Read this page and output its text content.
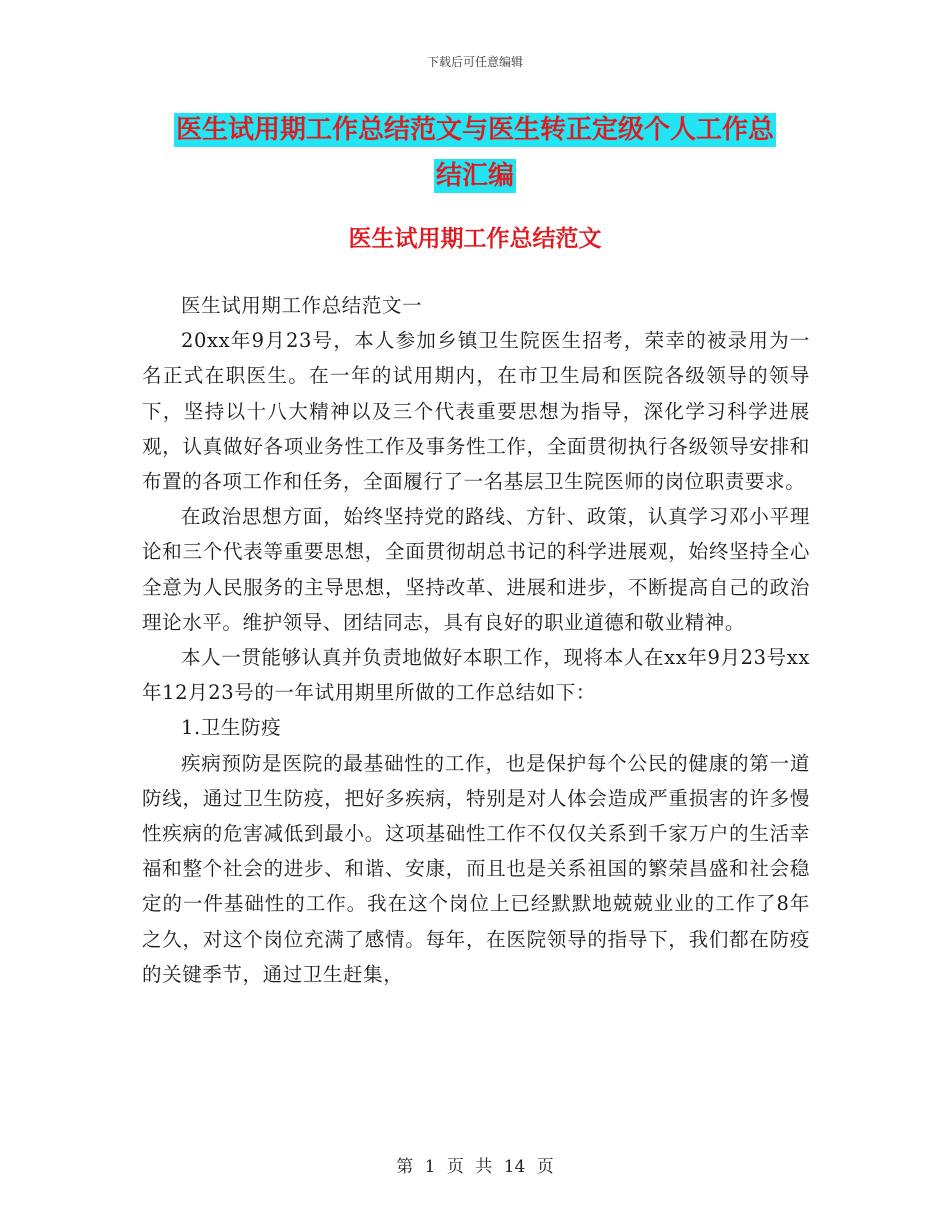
下载后可任意编辑
医生试用期工作总结范文与医生转正定级个人工作总
结汇编
医生试用期工作总结范文

医生试用期工作总结范文一

20xx年9月23号，本人参加乡镇卫生院医生招考，荣幸的被录用为一名正式在职医生。在一年的试用期内，在市卫生局和医院各级领导的领导下，坚持以十八大精神以及三个代表重要思想为指导，深化学习科学进展观，认真做好各项业务性工作及事务性工作，全面贯彻执行各级领导安排和布置的各项工作和任务，全面履行了一名基层卫生院医师的岗位职责要求。

在政治思想方面，始终坚持党的路线、方针、政策，认真学习邓小平理论和三个代表等重要思想，全面贯彻胡总书记的科学进展观，始终坚持全心全意为人民服务的主导思想，坚持改革、进展和进步，不断提高自己的政治理论水平。维护领导、团结同志，具有良好的职业道德和敬业精神。

本人一贯能够认真并负责地做好本职工作，现将本人在xx年9月23号xx年12月23号的一年试用期里所做的工作总结如下：

1.卫生防疫

疾病预防是医院的最基础性的工作，也是保护每个公民的健康的第一道防线，通过卫生防疫，把好多疾病，特别是对人体会造成严重损害的许多慢性疾病的危害减低到最小。这项基础性工作不仅仅关系到千家万户的生活幸福和整个社会的进步、和谐、安康，而且也是关系祖国的繁荣昌盛和社会稳定的一件基础性的工作。我在这个岗位上已经默默地兢兢业业的工作了8年之久，对这个岗位充满了感情。每年，在医院领导的指导下，我们都在防疫的关键季节，通过卫生赶集，

第 1 页 共 14 页
